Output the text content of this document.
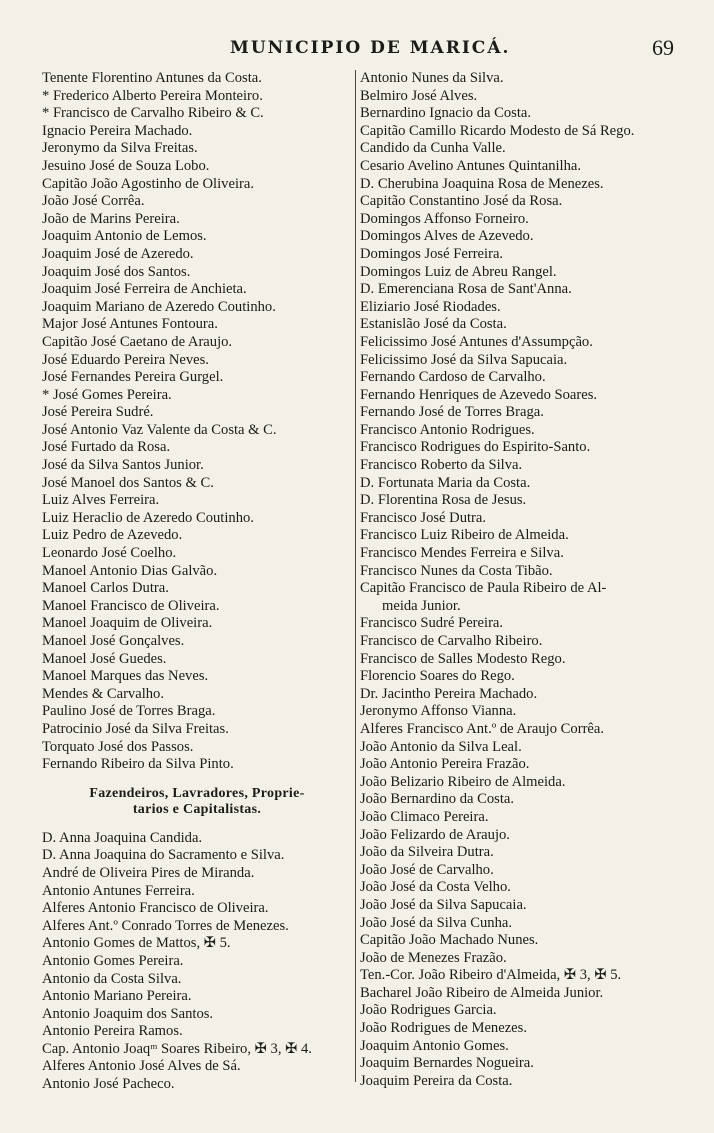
MUNICIPIO DE MARICÁ.	69
Tenente Florentino Antunes da Costa.
* Frederico Alberto Pereira Monteiro.
* Francisco de Carvalho Ribeiro & C.
Ignacio Pereira Machado.
Jeronymo da Silva Freitas.
Jesuino José de Souza Lobo.
Capitão João Agostinho de Oliveira.
João José Corrêa.
João de Marins Pereira.
Joaquim Antonio de Lemos.
Joaquim José de Azeredo.
Joaquim José dos Santos.
Joaquim José Ferreira de Anchieta.
Joaquim Mariano de Azeredo Coutinho.
Major José Antunes Fontoura.
Capitão José Caetano de Araujo.
José Eduardo Pereira Neves.
José Fernandes Pereira Gurgel.
* José Gomes Pereira.
José Pereira Sudré.
José Antonio Vaz Valente da Costa & C.
José Furtado da Rosa.
José da Silva Santos Junior.
José Manoel dos Santos & C.
Luiz Alves Ferreira.
Luiz Heraclio de Azeredo Coutinho.
Luiz Pedro de Azevedo.
Leonardo José Coelho.
Manoel Antonio Dias Galvão.
Manoel Carlos Dutra.
Manoel Francisco de Oliveira.
Manoel Joaquim de Oliveira.
Manoel José Gonçalves.
Manoel José Guedes.
Manoel Marques das Neves.
Mendes & Carvalho.
Paulino José de Torres Braga.
Patrocinio José da Silva Freitas.
Torquato José dos Passos.
Fernando Ribeiro da Silva Pinto.
Fazendeiros, Lavradores, Proprie-
tarios e Capitalistas.
D. Anna Joaquina Candida.
D. Anna Joaquina do Sacramento e Silva.
André de Oliveira Pires de Miranda.
Antonio Antunes Ferreira.
Alferes Antonio Francisco de Oliveira.
Alferes Ant.º Conrado Torres de Menezes.
Antonio Gomes de Mattos, ✠ 5.
Antonio Gomes Pereira.
Antonio da Costa Silva.
Antonio Mariano Pereira.
Antonio Joaquim dos Santos.
Antonio Pereira Ramos.
Cap. Antonio Joaqᵐ Soares Ribeiro, ✠ 3, ✠ 4.
Alferes Antonio José Alves de Sá.
Antonio José Pacheco.
Antonio Nunes da Silva.
Belmiro José Alves.
Bernardino Ignacio da Costa.
Capitão Camillo Ricardo Modesto de Sá Rego.
Candido da Cunha Valle.
Cesario Avelino Antunes Quintanilha.
D. Cherubina Joaquina Rosa de Menezes.
Capitão Constantino José da Rosa.
Domingos Affonso Forneiro.
Domingos Alves de Azevedo.
Domingos José Ferreira.
Domingos Luiz de Abreu Rangel.
D. Emerenciana Rosa de Sant'Anna.
Eliziario José Riodades.
Estanislão José da Costa.
Felicissimo José Antunes d'Assumpção.
Felicissimo José da Silva Sapucaia.
Fernando Cardoso de Carvalho.
Fernando Henriques de Azevedo Soares.
Fernando José de Torres Braga.
Francisco Antonio Rodrigues.
Francisco Rodrigues do Espirito-Santo.
Francisco Roberto da Silva.
D. Fortunata Maria da Costa.
D. Florentina Rosa de Jesus.
Francisco José Dutra.
Francisco Luiz Ribeiro de Almeida.
Francisco Mendes Ferreira e Silva.
Francisco Nunes da Costa Tibão.
Capitão Francisco de Paula Ribeiro de Al-
meida Junior.
Francisco Sudré Pereira.
Francisco de Carvalho Ribeiro.
Francisco de Salles Modesto Rego.
Florencio Soares do Rego.
Dr. Jacintho Pereira Machado.
Jeronymo Affonso Vianna.
Alferes Francisco Ant.º de Araujo Corrêa.
João Antonio da Silva Leal.
João Antonio Pereira Frazão.
João Belizario Ribeiro de Almeida.
João Bernardino da Costa.
João Climaco Pereira.
João Felizardo de Araujo.
João da Silveira Dutra.
João José de Carvalho.
João José da Costa Velho.
João José da Silva Sapucaia.
João José da Silva Cunha.
Capitão João Machado Nunes.
João de Menezes Frazão.
Ten.-Cor. João Ribeiro d'Almeida, ✠ 3, ✠ 5.
Bacharel João Ribeiro de Almeida Junior.
João Rodrigues Garcia.
João Rodrigues de Menezes.
Joaquim Antonio Gomes.
Joaquim Bernardes Nogueira.
Joaquim Pereira da Costa.
